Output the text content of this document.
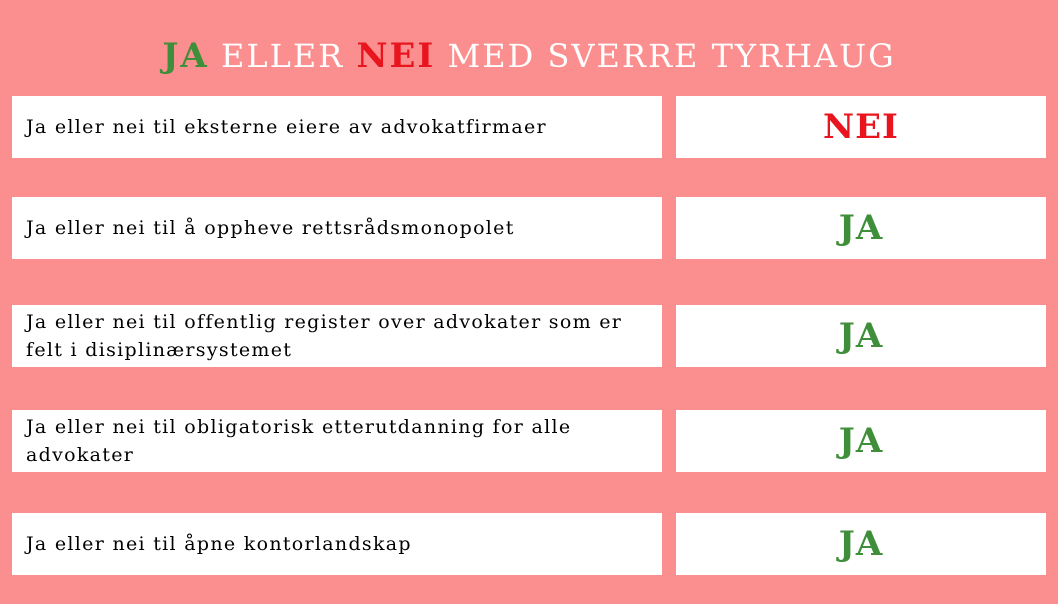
JA ELLER NEI MED SVERRE TYRHAUG
Ja eller nei til eksterne eiere av advokatfirmaer	NEI
Ja eller nei til å oppheve rettsrådsmonopolet	JA
Ja eller nei til offentlig register over advokater som er felt i disiplinærsystemet	JA
Ja eller nei til obligatorisk etterutdanning for alle advokater	JA
Ja eller nei til åpne kontorlandskap	JA
